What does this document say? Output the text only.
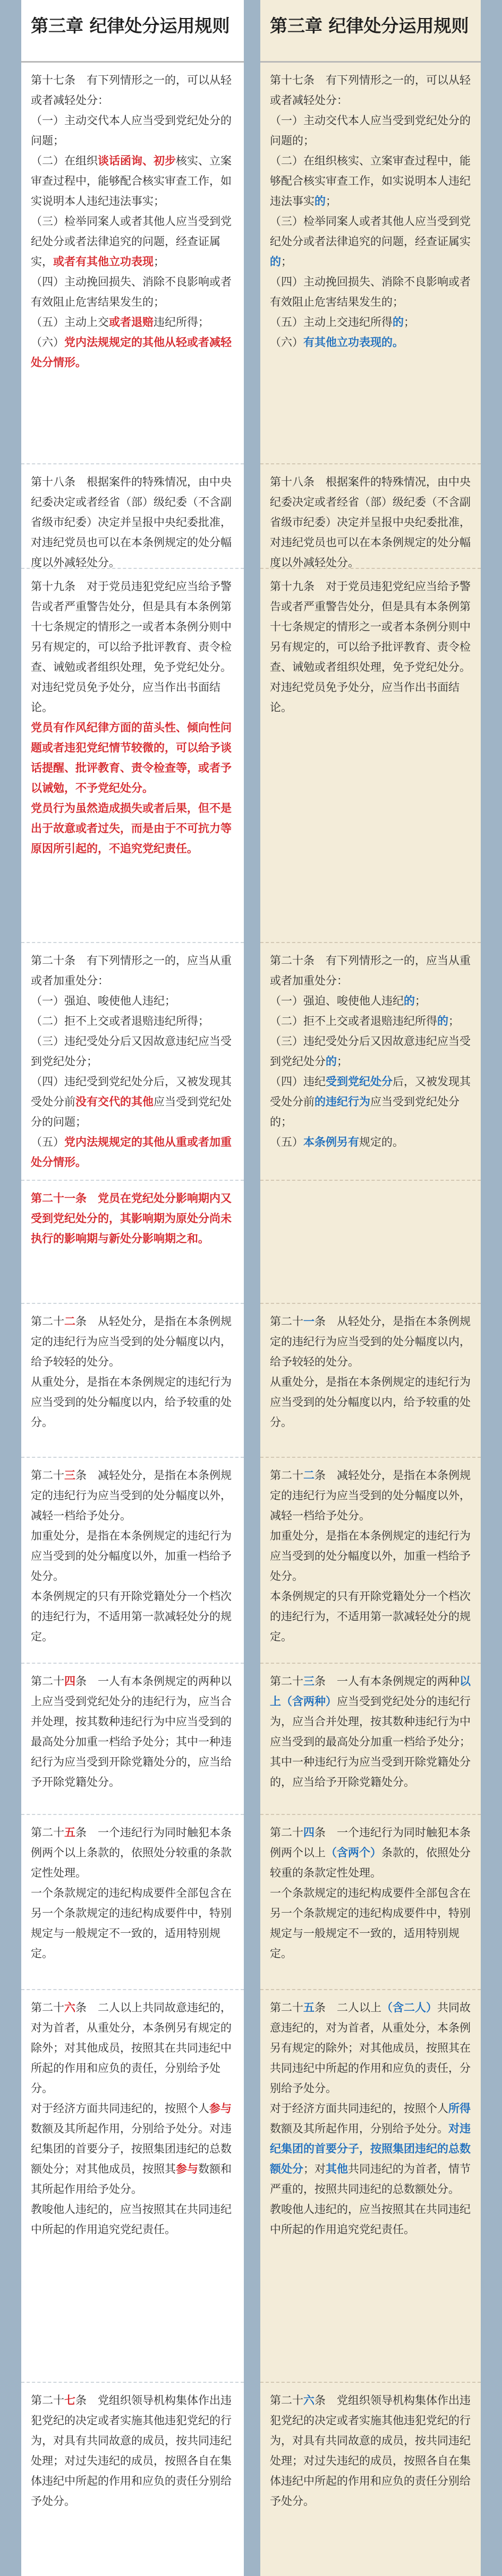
第三章 纪律处分运用规则
第十七条　有下列情形之一的，可以从轻或者减轻处分：
（一）主动交代本人应当受到党纪处分的问题；
（二）在组织谈话函询、初步核实、立案审查过程中，能够配合核实审查工作，如实说明本人违纪违法事实；
（三）检举同案人或者其他人应当受到党纪处分或者法律追究的问题，经查证属实，或者有其他立功表现；
（四）主动挽回损失、消除不良影响或者有效阻止危害结果发生的；
（五）主动上交或者退赔违纪所得；
（六）党内法规规定的其他从轻或者减轻处分情形。
第十八条　根据案件的特殊情况，由中央纪委决定或者经省（部）级纪委（不含副省级市纪委）决定并呈报中央纪委批准，对违纪党员也可以在本条例规定的处分幅度以外减轻处分。
第十九条　对于党员违犯党纪应当给予警告或者严重警告处分，但是具有本条例第十七条规定的情形之一或者本条例分则中另有规定的，可以给予批评教育、责令检查、诫勉或者组织处理，免予党纪处分。对违纪党员免予处分，应当作出书面结论。
党员有作风纪律方面的苗头性、倾向性问题或者违犯党纪情节较微的，可以给予谈话提醒、批评教育、责令检查等，或者予以诫勉，不予党纪处分。
党员行为虽然造成损失或者后果，但不是出于故意或者过失，而是由于不可抗力等原因所引起的，不追究党纪责任。
第二十条　有下列情形之一的，应当从重或者加重处分：
（一）强迫、唆使他人违纪；
（二）拒不上交或者退赔违纪所得；
（三）违纪受处分后又因故意违纪应当受到党纪处分；
（四）违纪受到党纪处分后，又被发现其受处分前没有交代的其他应当受到党纪处分的问题；
（五）党内法规规定的其他从重或者加重处分情形。
第二十一条　党员在党纪处分影响期内又受到党纪处分的，其影响期为原处分尚未执行的影响期与新处分影响期之和。
第二十二条　从轻处分，是指在本条例规定的违纪行为应当受到的处分幅度以内，给予较轻的处分。
从重处分，是指在本条例规定的违纪行为应当受到的处分幅度以内，给予较重的处分。
第二十三条　减轻处分，是指在本条例规定的违纪行为应当受到的处分幅度以外，减轻一档给予处分。
加重处分，是指在本条例规定的违纪行为应当受到的处分幅度以外，加重一档给予处分。
本条例规定的只有开除党籍处分一个档次的违纪行为，不适用第一款减轻处分的规定。
第二十四条　一人有本条例规定的两种以上应当受到党纪处分的违纪行为，应当合并处理，按其数种违纪行为中应当受到的最高处分加重一档给予处分；其中一种违纪行为应当受到开除党籍处分的，应当给予开除党籍处分。
第二十五条　一个违纪行为同时触犯本条例两个以上条款的，依照处分较重的条款定性处理。
一个条款规定的违纪构成要件全部包含在另一个条款规定的违纪构成要件中，特别规定与一般规定不一致的，适用特别规定。
第二十六条　二人以上共同故意违纪的，对为首者，从重处分，本条例另有规定的除外；对其他成员，按照其在共同违纪中所起的作用和应负的责任，分别给予处分。
对于经济方面共同违纪的，按照个人参与数额及其所起作用，分别给予处分。对违纪集团的首要分子，按照集团违纪的总数额处分；对其他成员，按照其参与数额和其所起作用给予处分。
教唆他人违纪的，应当按照其在共同违纪中所起的作用追究党纪责任。
第二十七条　党组织领导机构集体作出违犯党纪的决定或者实施其他违犯党纪的行为，对具有共同故意的成员，按共同违纪处理；对过失违纪的成员，按照各自在集体违纪中所起的作用和应负的责任分别给予处分。
第三章 纪律处分运用规则
第十七条　有下列情形之一的，可以从轻或者减轻处分：
（一）主动交代本人应当受到党纪处分的问题的；
（二）在组织核实、立案审查过程中，能够配合核实审查工作，如实说明本人违纪违法事实的；
（三）检举同案人或者其他人应当受到党纪处分或者法律追究的问题，经查证属实的；
（四）主动挽回损失、消除不良影响或者有效阻止危害结果发生的；
（五）主动上交违纪所得的；
（六）有其他立功表现的。
第十八条　根据案件的特殊情况，由中央纪委决定或者经省（部）级纪委（不含副省级市纪委）决定并呈报中央纪委批准，对违纪党员也可以在本条例规定的处分幅度以外减轻处分。
第十九条　对于党员违犯党纪应当给予警告或者严重警告处分，但是具有本条例第十七条规定的情形之一或者本条例分则中另有规定的，可以给予批评教育、责令检查、诫勉或者组织处理，免予党纪处分。对违纪党员免予处分，应当作出书面结论。
第二十条　有下列情形之一的，应当从重或者加重处分：
（一）强迫、唆使他人违纪的；
（二）拒不上交或者退赔违纪所得的；
（三）违纪受处分后又因故意违纪应当受到党纪处分的；
（四）违纪受到党纪处分后，又被发现其受处分前的违纪行为应当受到党纪处分的；
（五）本条例另有规定的。
第二十一条　从轻处分，是指在本条例规定的违纪行为应当受到的处分幅度以内，给予较轻的处分。
从重处分，是指在本条例规定的违纪行为应当受到的处分幅度以内，给予较重的处分。
第二十二条　减轻处分，是指在本条例规定的违纪行为应当受到的处分幅度以外，减轻一档给予处分。
加重处分，是指在本条例规定的违纪行为应当受到的处分幅度以外，加重一档给予处分。
本条例规定的只有开除党籍处分一个档次的违纪行为，不适用第一款减轻处分的规定。
第二十三条　一人有本条例规定的两种以上（含两种）应当受到党纪处分的违纪行为，应当合并处理，按其数种违纪行为中应当受到的最高处分加重一档给予处分；其中一种违纪行为应当受到开除党籍处分的，应当给予开除党籍处分。
第二十四条　一个违纪行为同时触犯本条例两个以上（含两个）条款的，依照处分较重的条款定性处理。
一个条款规定的违纪构成要件全部包含在另一个条款规定的违纪构成要件中，特别规定与一般规定不一致的，适用特别规定。
第二十五条　二人以上（含二人）共同故意违纪的，对为首者，从重处分，本条例另有规定的除外；对其他成员，按照其在共同违纪中所起的作用和应负的责任，分别给予处分。
对于经济方面共同违纪的，按照个人所得数额及其所起作用，分别给予处分。对违纪集团的首要分子，按照集团违纪的总数额处分；对其他共同违纪的为首者，情节严重的，按照共同违纪的总数额处分。
教唆他人违纪的，应当按照其在共同违纪中所起的作用追究党纪责任。
第二十六条　党组织领导机构集体作出违犯党纪的决定或者实施其他违犯党纪的行为，对具有共同故意的成员，按共同违纪处理；对过失违纪的成员，按照各自在集体违纪中所起的作用和应负的责任分别给予处分。
